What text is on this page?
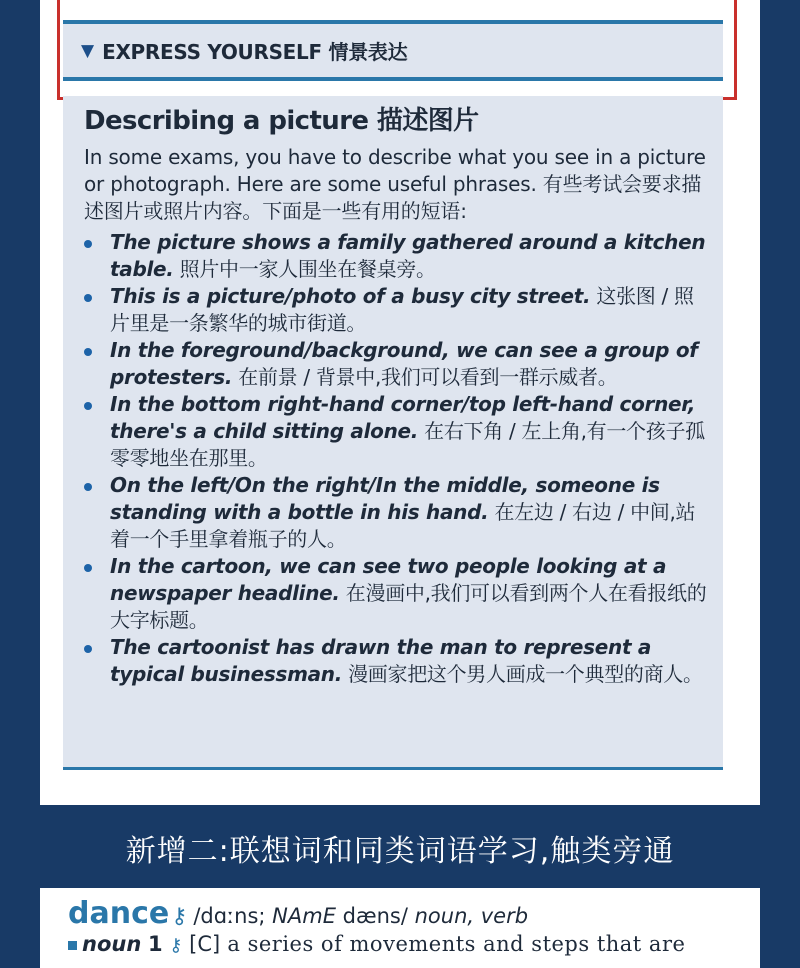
▼ EXPRESS YOURSELF 情景表达
Describing a picture 描述图片
In some exams, you have to describe what you see in a picture or photograph. Here are some useful phrases. 有些考试会要求描述图片或照片内容。下面是一些有用的短语:
The picture shows a family gathered around a kitchen table. 照片中一家人围坐在餐桌旁。
This is a picture/photo of a busy city street. 这张图 / 照片里是一条繁华的城市街道。
In the foreground/background, we can see a group of protesters. 在前景 / 背景中,我们可以看到一群示威者。
In the bottom right-hand corner/top left-hand corner, there's a child sitting alone. 在右下角 / 左上角,有一个孩子孤零零地坐在那里。
On the left/On the right/In the middle, someone is standing with a bottle in his hand. 在左边 / 右边 / 中间,站着一个手里拿着瓶子的人。
In the cartoon, we can see two people looking at a newspaper headline. 在漫画中,我们可以看到两个人在看报纸的大字标题。
The cartoonist has drawn the man to represent a typical businessman. 漫画家把这个男人画成一个典型的商人。
新增二:联想词和同类词语学习,触类旁通
dance⚷ /dɑːns; NAmE dæns/ noun, verb
noun 1 ⚷ [C] a series of movements and steps that are
